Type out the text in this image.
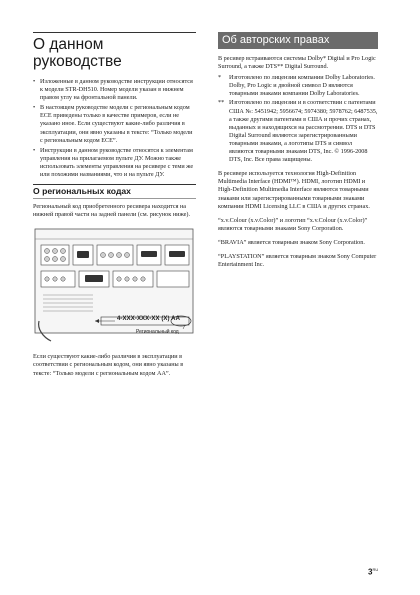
О данном
руководстве
• Изложенные в данном руководстве инструкции относятся к модели STR-DH510. Номер модели указан в нижнем правом углу на фронтальной панели.
• В настоящем руководстве модели с региональным кодом ECE приведены только в качестве примеров, если не указано иное. Если существуют какие-либо различия в эксплуатации, они явно указаны в тексте: “Только модели с региональным кодом ECE”.
• Инструкции в данном руководстве относятся к элементам управления на прилагаемом пульте ДУ. Можно также использовать элементы управления на ресивере с теми же или похожими названиями, что и на пульте ДУ.
О региональных кодах

Региональный код приобретенного ресивера находится на нижней правой части на задней панели (см. рисунок ниже).

4-XXX-XXX-XX (X) AA
Региональный код

Если существуют какие-либо различия в эксплуатации в соответствии с региональным кодом, они явно указаны в тексте: “Только модели с региональным кодом AA”.

Об авторских правах

В ресивер встраиваются системы Dolby* Digital и Pro Logic Surround, а также DTS** Digital Surround.

*	Изготовлено по лицензии компании Dolby Laboratories. Dolby, Pro Logic и двойной символ D являются товарными знаками компании Dolby Laboratories.
** Изготовлено по лицензии и в соответствии с патентами США №: 5451942; 5956674; 5974380; 5978762; 6487535, а также другими патентами в США и прочих странах, выданных и находящихся на рассмотрении. DTS и DTS Digital Surround являются зарегистрированными товарными знаками, а логотипы DTS и символ являются товарными знаками DTS, Inc. © 1996-2008 DTS, Inc. Все права защищены.

В ресивере используется технология High-Definition Multimedia Interface (HDMI™). HDMI, логотип HDMI и High-Definition Multimedia Interface являются товарными знаками или зарегистрированными товарными знаками компании HDMI Licensing LLC в США и других странах.

“x.v.Colour (x.v.Color)” и логотип “x.v.Colour (x.v.Color)” являются товарными знаками Sony Corporation.

“BRAVIA” является товарным знаком Sony Corporation.

“PLAYSTATION” является товарным знаком Sony Computer Entertainment Inc.

$3^{RU}$
